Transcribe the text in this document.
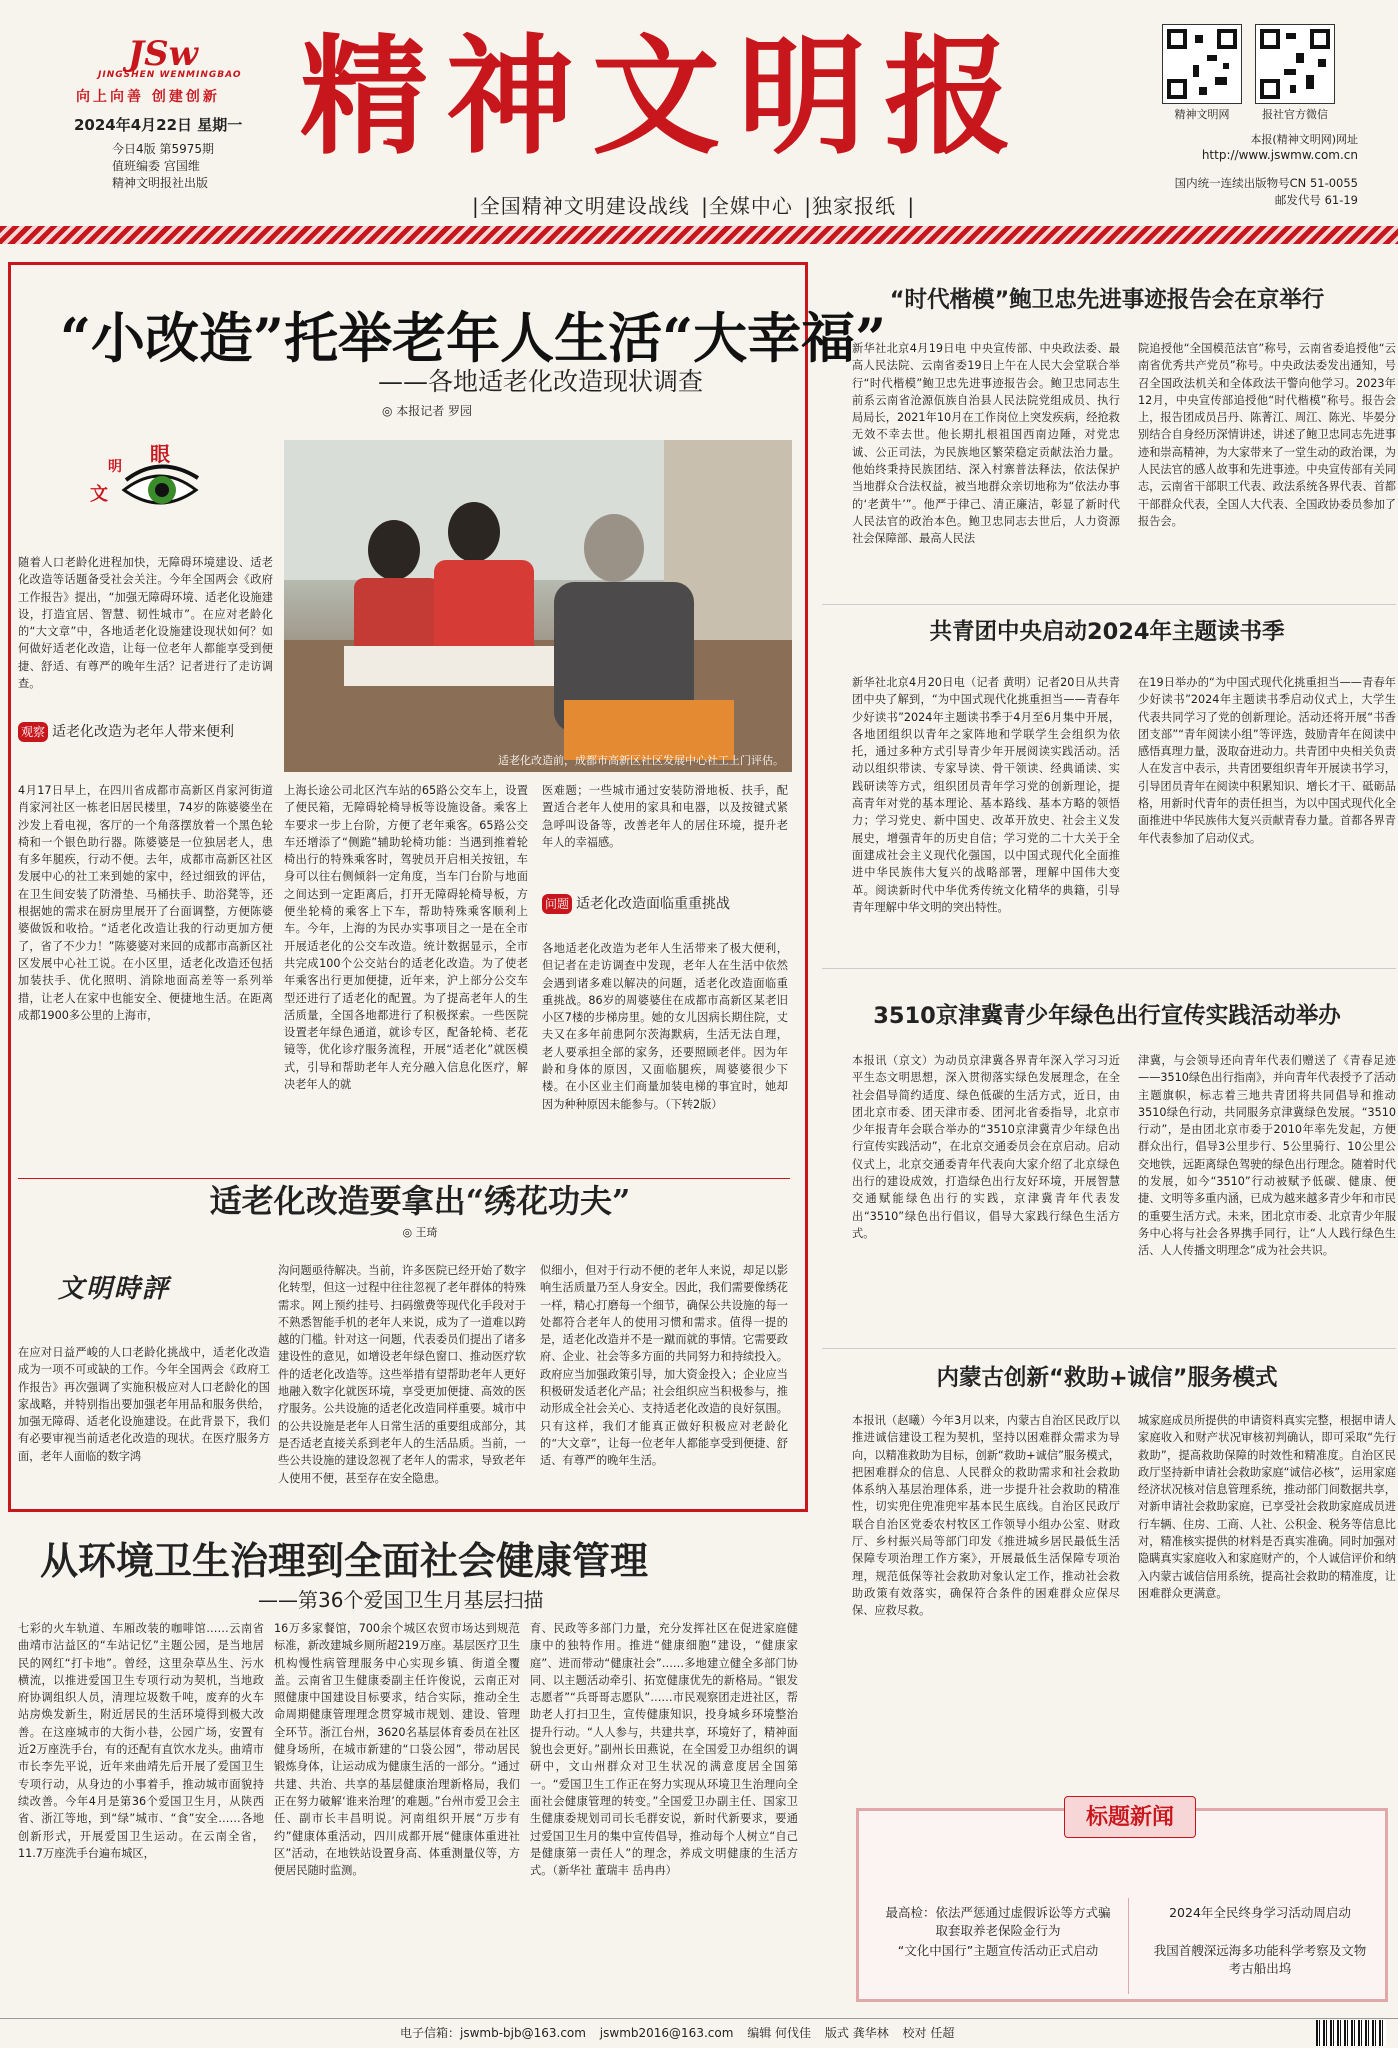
JSw
JINGSHEN WENMINGBAO
向上向善 创建创新
2024年4月22日 星期一
今日4版 第5975期
值班编委 宫国维
精神文明报社出版
精神文明报	精神文明网	报社官方微信
本报(精神文明网)网址
http://www.jswmw.com.cn
国内统一连续出版物号CN 51-0055
邮发代号 61-19
|全国精神文明建设战线 |全媒中心 |独家报纸 |
“小改造”托举老年人生活“大幸福”
——各地适老化改造现状调查
◎ 本报记者 罗园
文
明
眼
适老化改造前，成都市高新区社区发展中心社工上门评估。
随着人口老龄化进程加快，无障碍环境建设、适老化改造等话题备受社会关注。今年全国两会《政府工作报告》提出，“加强无障碍环境、适老化设施建设，打造宜居、智慧、韧性城市”。在应对老龄化的“大文章”中，各地适老化设施建设现状如何？如何做好适老化改造，让每一位老年人都能享受到便捷、舒适、有尊严的晚年生活？记者进行了走访调查。
观察 适老化改造为老年人带来便利
4月17日早上，在四川省成都市高新区肖家河街道肖家河社区一栋老旧居民楼里，74岁的陈婆婆坐在沙发上看电视，客厅的一个角落摆放着一个黑色轮椅和一个银色助行器。陈婆婆是一位独居老人，患有多年腿疾，行动不便。去年，成都市高新区社区发展中心的社工来到她的家中，经过细致的评估，在卫生间安装了防滑垫、马桶扶手、助浴凳等，还根据她的需求在厨房里展开了台面调整，方便陈婆婆做饭和收拾。“适老化改造让我的行动更加方便了，省了不少力！”陈婆婆对来回的成都市高新区社区发展中心社工说。在小区里，适老化改造还包括加装扶手、优化照明、消除地面高差等一系列举措，让老人在家中也能安全、便捷地生活。在距离成都1900多公里的上海市，
上海长途公司北区汽车站的65路公交车上，设置了便民箱，无障碍轮椅导板等设施设备。乘客上车要求一步上台阶，方便了老年乘客。65路公交车还增添了“侧跪”辅助轮椅功能：当遇到推着轮椅出行的特殊乘客时，驾驶员开启相关按钮，车身可以往右侧倾斜一定角度，当车门台阶与地面之间达到一定距离后，打开无障碍轮椅导板，方便坐轮椅的乘客上下车，帮助特殊乘客顺利上车。今年，上海的为民办实事项目之一是在全市开展适老化的公交车改造。统计数据显示，全市共完成100个公交站台的适老化改造。为了使老年乘客出行更加便捷，近年来，沪上部分公交车型还进行了适老化的配置。为了提高老年人的生活质量，全国各地都进行了积极探索。一些医院设置老年绿色通道，就诊专区，配备轮椅、老花镜等，优化诊疗服务流程，开展“适老化”就医模式，引导和帮助老年人充分融入信息化医疗，解决老年人的就
医难题；一些城市通过安装防滑地板、扶手，配置适合老年人使用的家具和电器，以及按键式紧急呼叫设备等，改善老年人的居住环境，提升老年人的幸福感。
问题 适老化改造面临重重挑战
各地适老化改造为老年人生活带来了极大便利，但记者在走访调查中发现，老年人在生活中依然会遇到诸多难以解决的问题，适老化改造面临重重挑战。86岁的周婆婆住在成都市高新区某老旧小区7楼的步梯房里。她的女儿因病长期住院，丈夫又在多年前患阿尔茨海默病，生活无法自理，老人要承担全部的家务，还要照顾老伴。因为年龄和身体的原因，又面临腿疾，周婆婆很少下楼。在小区业主们商量加装电梯的事宜时，她却因为种种原因未能参与。（下转2版）
适老化改造要拿出“绣花功夫”
◎ 王琦
文明時評
在应对日益严峻的人口老龄化挑战中，适老化改造成为一项不可或缺的工作。今年全国两会《政府工作报告》再次强调了实施积极应对人口老龄化的国家战略，并特别指出要加强老年用品和服务供给，加强无障碍、适老化设施建设。在此背景下，我们有必要审视当前适老化改造的现状。在医疗服务方面，老年人面临的数字鸿
沟问题亟待解决。当前，许多医院已经开始了数字化转型，但这一过程中往往忽视了老年群体的特殊需求。网上预约挂号、扫码缴费等现代化手段对于不熟悉智能手机的老年人来说，成为了一道难以跨越的门槛。针对这一问题，代表委员们提出了诸多建设性的意见，如增设老年绿色窗口、推动医疗软件的适老化改造等。这些举措有望帮助老年人更好地融入数字化就医环境，享受更加便捷、高效的医疗服务。公共设施的适老化改造同样重要。城市中的公共设施是老年人日常生活的重要组成部分，其是否适老直接关系到老年人的生活品质。当前，一些公共设施的建设忽视了老年人的需求，导致老年人使用不便，甚至存在安全隐患。
似细小，但对于行动不便的老年人来说，却足以影响生活质量乃至人身安全。因此，我们需要像绣花一样，精心打磨每一个细节，确保公共设施的每一处都符合老年人的使用习惯和需求。值得一提的是，适老化改造并不是一蹴而就的事情。它需要政府、企业、社会等多方面的共同努力和持续投入。政府应当加强政策引导，加大资金投入；企业应当积极研发适老化产品；社会组织应当积极参与，推动形成全社会关心、支持适老化改造的良好氛围。只有这样，我们才能真正做好积极应对老龄化的“大文章”，让每一位老年人都能享受到便捷、舒适、有尊严的晚年生活。
从环境卫生治理到全面社会健康管理
——第36个爱国卫生月基层扫描
七彩的火车轨道、车厢改装的咖啡馆……云南省曲靖市沾益区的“车站记忆”主题公园，是当地居民的网红“打卡地”。曾经，这里杂草丛生、污水横流，以推进爱国卫生专项行动为契机，当地政府协调组织人员，清理垃圾数千吨，废弃的火车站房焕发新生，附近居民的生活环境得到极大改善。在这座城市的大街小巷，公园广场，安置有近2万座洗手台，有的还配有直饮水龙头。曲靖市市长李先平说，近年来曲靖先后开展了爱国卫生专项行动，从身边的小事着手，推动城市面貌持续改善。今年4月是第36个爱国卫生月，从陕西省、浙江等地，到“绿”城市、“食”安全……各地创新形式，开展爱国卫生运动。在云南全省，11.7万座洗手台遍布城区，
16万多家餐馆，700余个城区农贸市场达到规范标准，新改建城乡厕所超219万座。基层医疗卫生机构慢性病管理服务中心实现乡镇、街道全覆盖。云南省卫生健康委副主任许俊说，云南正对照健康中国建设目标要求，结合实际，推动全生命周期健康管理理念贯穿城市规划、建设、管理全环节。浙江台州，3620名基层体育委员在社区健身场所，在城市新建的“口袋公园”，带动居民锻炼身体，让运动成为健康生活的一部分。“通过共建、共治、共享的基层健康治理新格局，我们正在努力破解‘谁来治理’的难题。”台州市爱卫会主任、副市长丰昌明说。河南组织开展“万步有约”健康体重活动，四川成都开展“健康体重进社区”活动，在地铁站设置身高、体重测量仪等，方便居民随时监测。
育、民政等多部门力量，充分发挥社区在促进家庭健康中的独特作用。推进“健康细胞”建设，“健康家庭”、进而带动“健康社会”……多地建立健全多部门协同、以主题活动牵引、拓宽健康优先的新格局。“银发志愿者”“兵哥哥志愿队”……市民观察团走进社区，帮助老人打扫卫生，宣传健康知识，投身城乡环境整治提升行动。“人人参与，共建共享，环境好了，精神面貌也会更好。”副州长田燕说，在全国爱卫办组织的调研中，文山州群众对卫生状况的满意度居全国第一。“爱国卫生工作正在努力实现从环境卫生治理向全面社会健康管理的转变。”全国爱卫办副主任、国家卫生健康委规划司司长毛群安说，新时代新要求，要通过爱国卫生月的集中宣传倡导，推动每个人树立“自己是健康第一责任人”的理念，养成文明健康的生活方式。（新华社 董瑞丰 岳冉冉）
“时代楷模”鲍卫忠先进事迹报告会在京举行
新华社北京4月19日电 中央宣传部、中央政法委、最高人民法院、云南省委19日上午在人民大会堂联合举行“时代楷模”鲍卫忠先进事迹报告会。鲍卫忠同志生前系云南省沧源佤族自治县人民法院党组成员、执行局局长，2021年10月在工作岗位上突发疾病，经抢救无效不幸去世。他长期扎根祖国西南边陲，对党忠诚、公正司法，为民族地区繁荣稳定贡献法治力量。他始终秉持民族团结、深入村寨普法释法，依法保护当地群众合法权益，被当地群众亲切地称为“依法办事的‘老黄牛’”。他严于律己、清正廉洁，彰显了新时代人民法官的政治本色。鲍卫忠同志去世后，人力资源社会保障部、最高人民法
院追授他“全国模范法官”称号，云南省委追授他“云南省优秀共产党员”称号。中央政法委发出通知，号召全国政法机关和全体政法干警向他学习。2023年12月，中央宣传部追授他“时代楷模”称号。报告会上，报告团成员吕丹、陈菁江、周江、陈光、毕晏分别结合自身经历深情讲述，讲述了鲍卫忠同志先进事迹和崇高精神，为大家带来了一堂生动的政治课，为人民法官的感人故事和先进事迹。中央宣传部有关同志，云南省干部职工代表、政法系统各界代表、首都干部群众代表，全国人大代表、全国政协委员参加了报告会。
共青团中央启动2024年主题读书季
新华社北京4月20日电（记者 黄明）记者20日从共青团中央了解到，“为中国式现代化挑重担当——青春年少好读书”2024年主题读书季于4月至6月集中开展，各地团组织以青年之家阵地和学联学生会组织为依托，通过多种方式引导青少年开展阅读实践活动。活动以组织带读、专家导读、骨干领读、经典诵读、实践研读等方式，组织团员青年学习党的创新理论，提高青年对党的基本理论、基本路线、基本方略的领悟力；学习党史、新中国史、改革开放史、社会主义发展史，增强青年的历史自信；学习党的二十大关于全面建成社会主义现代化强国，以中国式现代化全面推进中华民族伟大复兴的战略部署，理解中国伟大变革。阅读新时代中华优秀传统文化精华的典籍，引导青年理解中华文明的突出特性。
在19日举办的“为中国式现代化挑重担当——青春年少好读书”2024年主题读书季启动仪式上，大学生代表共同学习了党的创新理论。活动还将开展“书香团支部”“青年阅读小组”等评选，鼓励青年在阅读中感悟真理力量，汲取奋进动力。共青团中央相关负责人在发言中表示，共青团要组织青年开展读书学习，引导团员青年在阅读中积累知识、增长才干、砥砺品格，用新时代青年的责任担当，为以中国式现代化全面推进中华民族伟大复兴贡献青春力量。首都各界青年代表参加了启动仪式。
3510京津冀青少年绿色出行宣传实践活动举办
本报讯（京文）为动员京津冀各界青年深入学习习近平生态文明思想，深入贯彻落实绿色发展理念，在全社会倡导简约适度、绿色低碳的生活方式，近日，由团北京市委、团天津市委、团河北省委指导，北京市少年报青年会联合举办的“3510京津冀青少年绿色出行宣传实践活动”，在北京交通委员会在京启动。启动仪式上，北京交通委青年代表向大家介绍了北京绿色出行的建设成效，打造绿色出行友好环境，开展智慧交通赋能绿色出行的实践，京津冀青年代表发出“3510”绿色出行倡议，倡导大家践行绿色生活方式。
津冀，与会领导还向青年代表们赠送了《青春足迹——3510绿色出行指南》，并向青年代表授予了活动主题旗帜，标志着三地共青团将共同倡导和推动3510绿色行动，共同服务京津冀绿色发展。“3510行动”，是由团北京市委于2010年率先发起，方便群众出行，倡导3公里步行、5公里骑行、10公里公交地铁，远距离绿色驾驶的绿色出行理念。随着时代的发展，如今“3510”行动被赋予低碳、健康、便捷、文明等多重内涵，已成为越来越多青少年和市民的重要生活方式。未来，团北京市委、北京青少年服务中心将与社会各界携手同行，让“人人践行绿色生活、人人传播文明理念”成为社会共识。
内蒙古创新“救助+诚信”服务模式
本报讯（赵曦）今年3月以来，内蒙古自治区民政厅以推进诚信建设工程为契机，坚持以困难群众需求为导向，以精准救助为目标，创新“救助+诚信”服务模式，把困难群众的信息、人民群众的救助需求和社会救助体系纳入基层治理体系，进一步提升社会救助的精准性，切实兜住兜准兜牢基本民生底线。自治区民政厅联合自治区党委农村牧区工作领导小组办公室、财政厅、乡村振兴局等部门印发《推进城乡居民最低生活保障专项治理工作方案》，开展最低生活保障专项治理，规范低保等社会救助对象认定工作，推动社会救助政策有效落实，确保符合条件的困难群众应保尽保、应救尽救。
城家庭成员所提供的申请资料真实完整，根据申请人家庭收入和财产状况审核初判确认，即可采取“先行救助”，提高救助保障的时效性和精准度。自治区民政厅坚持新申请社会救助家庭“诚信必核”，运用家庭经济状况核对信息管理系统，推动部门间数据共享，对新申请社会救助家庭，已享受社会救助家庭成员进行车辆、住房、工商、人社、公积金、税务等信息比对，精准核实提供的材料是否真实准确。同时加强对隐瞒真实家庭收入和家庭财产的，个人诚信评价和纳入内蒙古诚信信用系统，提高社会救助的精准度，让困难群众更满意。
标题新闻
最高检：依法严惩通过虚假诉讼等方式骗取套取养老保险金行为
“文化中国行”主题宣传活动正式启动
2024年全民终身学习活动周启动
我国首艘深远海多功能科学考察及文物考古船出坞
电子信箱：jswmb-bjb@163.com jswmb2016@163.com 编辑 何伐佳 版式 龚华林 校对 任超
